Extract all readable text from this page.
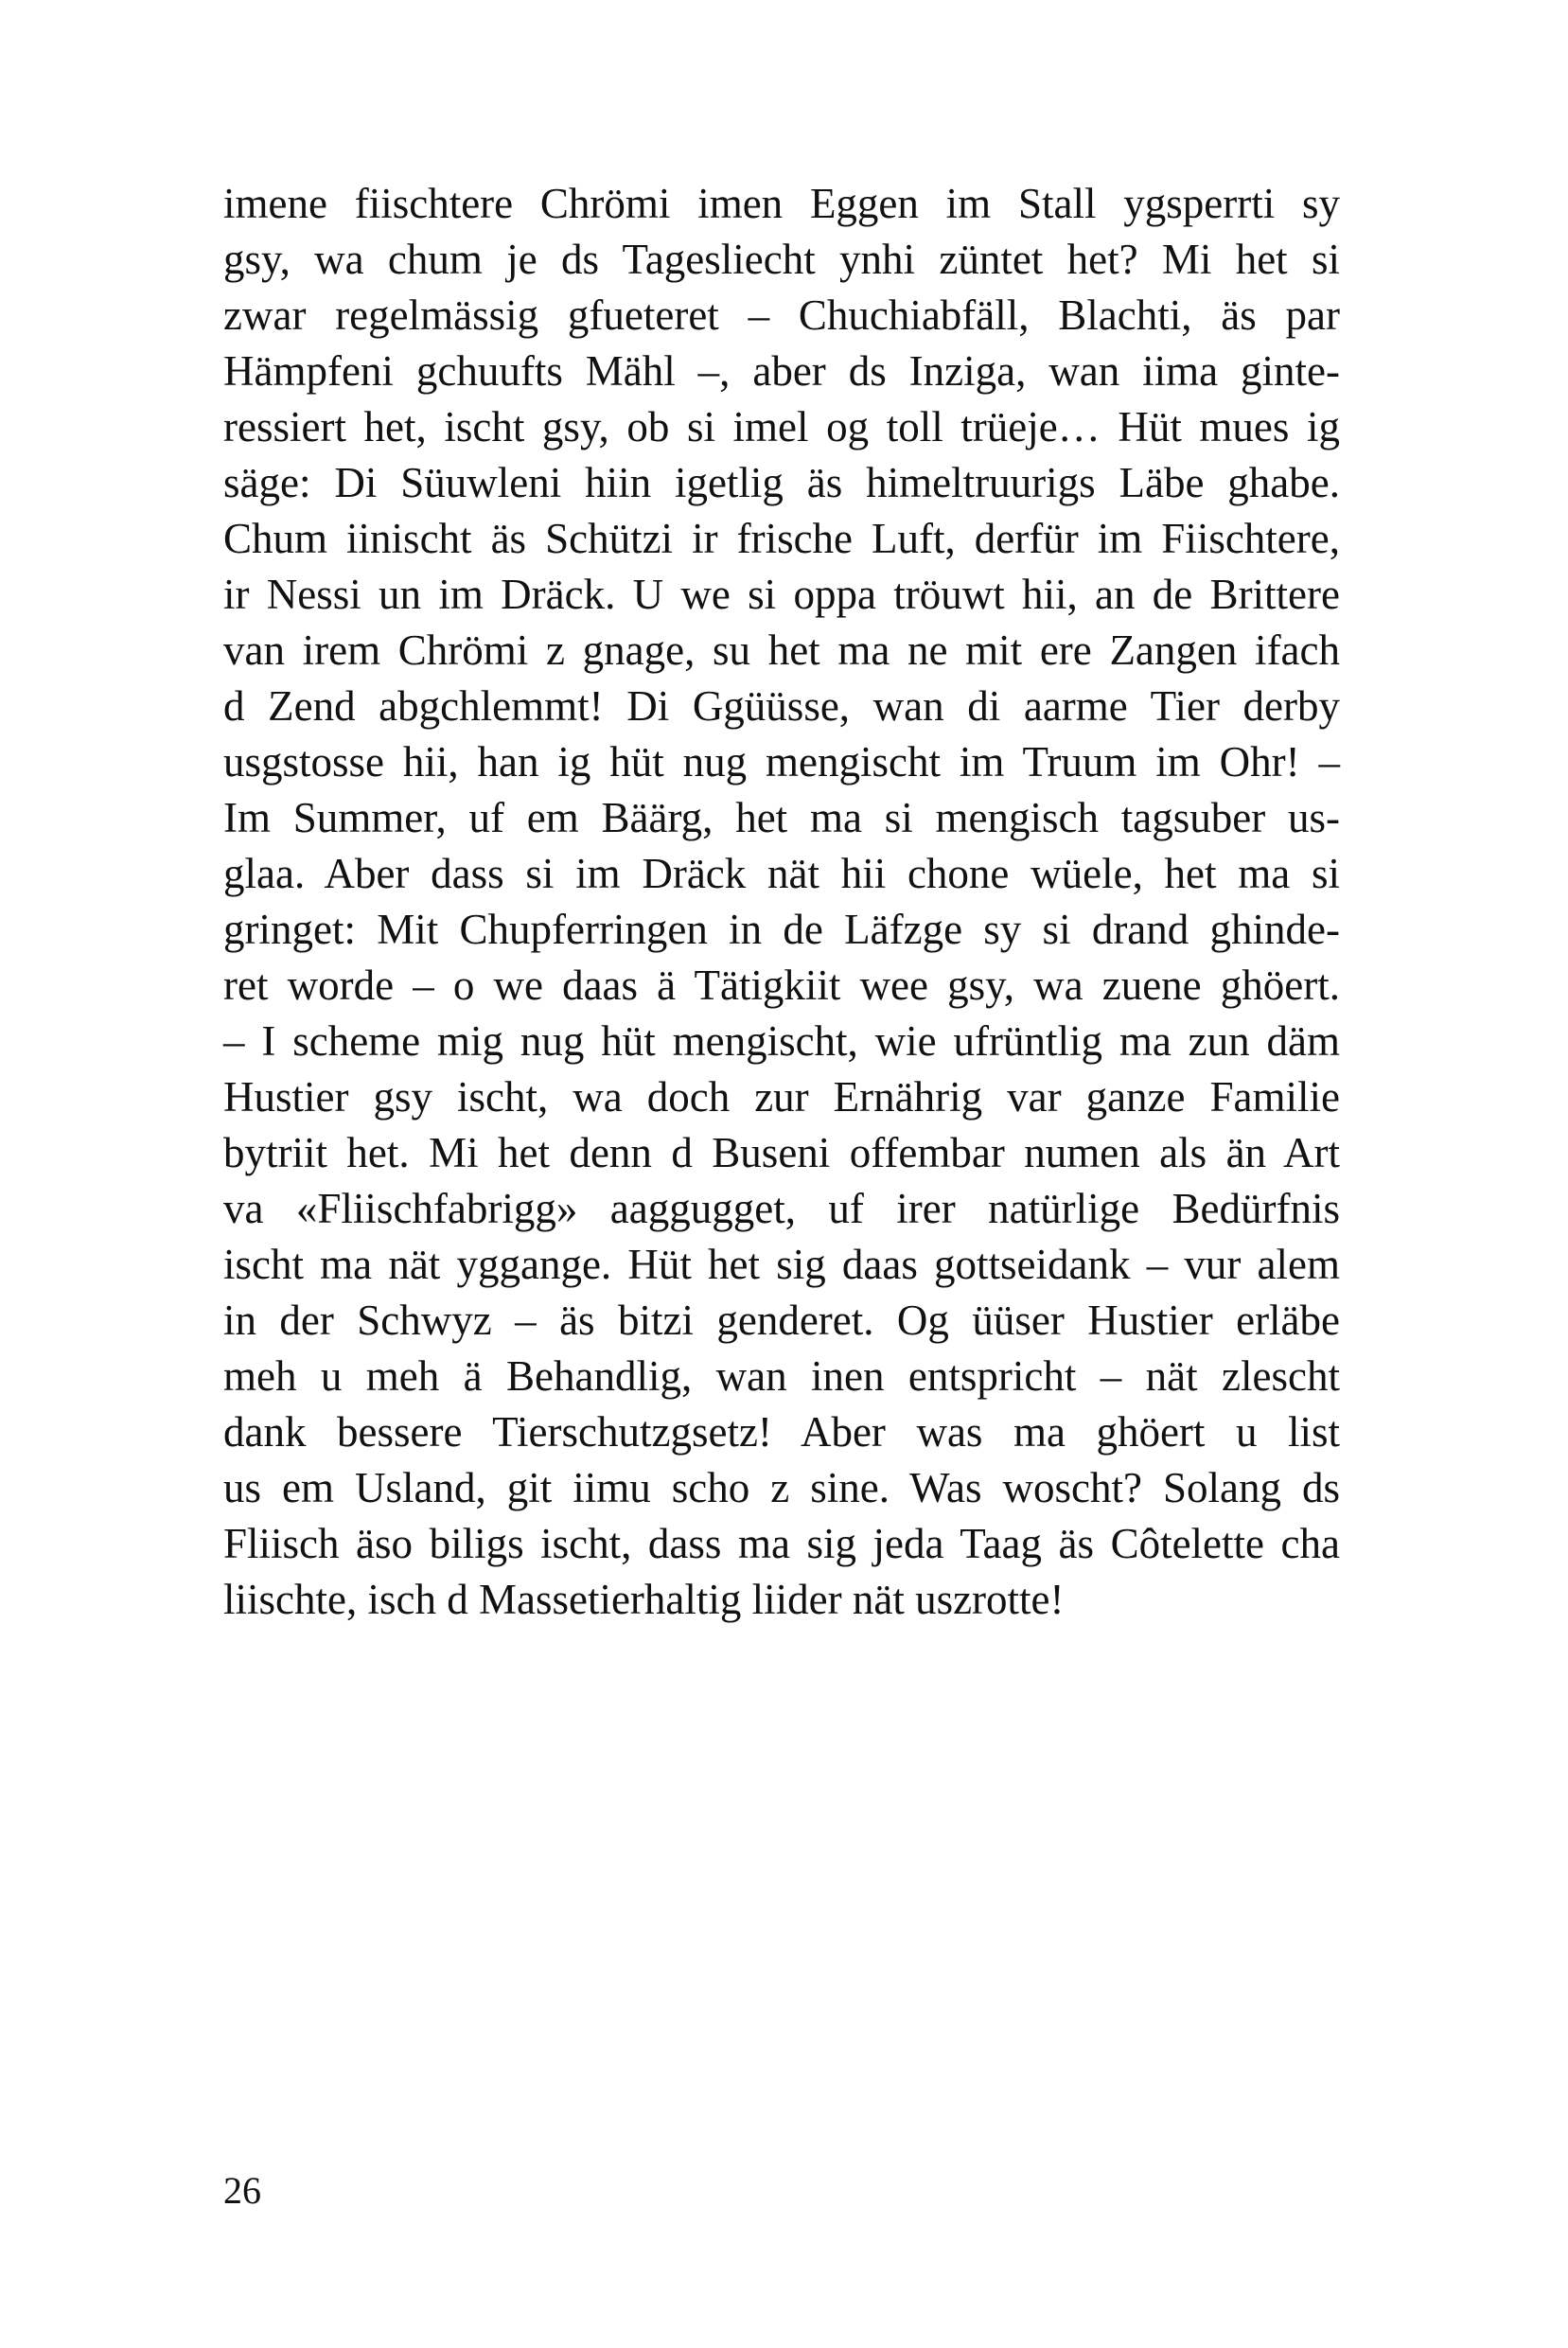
imene fiischtere Chrömi imen Eggen im Stall ygsperrti sy
gsy, wa chum je ds Tagesliecht ynhi züntet het? Mi het si
zwar regelmässig gfueteret – Chuchiabfäll, Blachti, äs par
Hämpfeni gchuufts Mähl –, aber ds Inziga, wan iima ginte-
ressiert het, ischt gsy, ob si imel og toll trüeje… Hüt mues ig
säge: Di Süuwleni hiin igetlig äs himeltruurigs Läbe ghabe.
Chum iinischt äs Schützi ir frische Luft, derfür im Fiischtere,
ir Nessi un im Dräck. U we si oppa tröuwt hii, an de Brittere
van irem Chrömi z gnage, su het ma ne mit ere Zangen ifach
d Zend abgchlemmt! Di Ggüüsse, wan di aarme Tier derby
usgstosse hii, han ig hüt nug mengischt im Truum im Ohr! –
Im Summer, uf em Bäärg, het ma si mengisch tagsuber us-
glaa. Aber dass si im Dräck nät hii chone wüele, het ma si
gringet: Mit Chupferringen in de Läfzge sy si drand ghinde-
ret worde – o we daas ä Tätigkiit wee gsy, wa zuene ghöert.
– I scheme mig nug hüt mengischt, wie ufrüntlig ma zun däm
Hustier gsy ischt, wa doch zur Ernährig var ganze Familie
bytriit het. Mi het denn d Buseni offembar numen als än Art
va «Fliischfabrigg» aaggugget, uf irer natürlige Bedürfnis
ischt ma nät yggange. Hüt het sig daas gottseidank – vur alem
in der Schwyz – äs bitzi genderet. Og üüser Hustier erläbe
meh u meh ä Behandlig, wan inen entspricht – nät zlescht
dank bessere Tierschutzgsetz! Aber was ma ghöert u list
us em Usland, git iimu scho z sine. Was woscht? Solang ds
Fliisch äso biligs ischt, dass ma sig jeda Taag äs Côtelette cha
liischte, isch d Massetierhaltig liider nät uszrotte!
26
